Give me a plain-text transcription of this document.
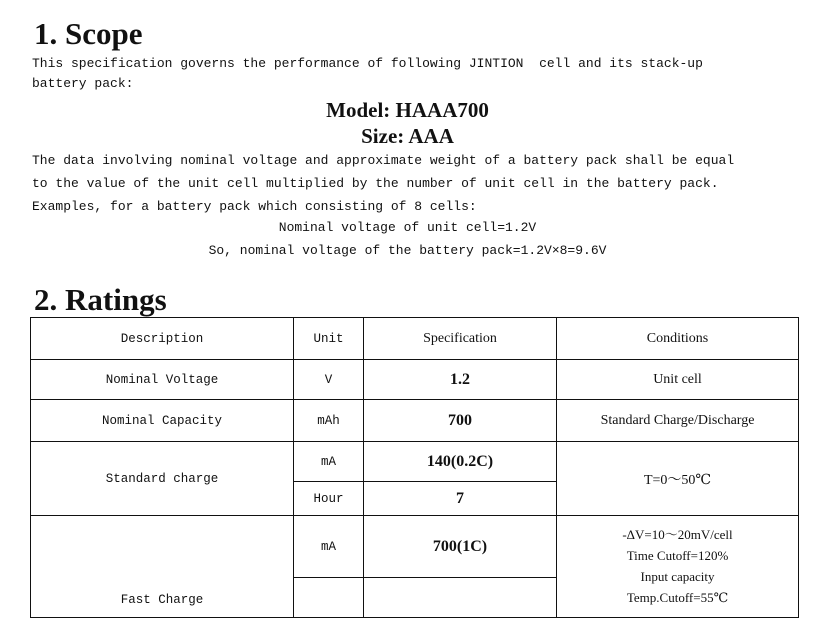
1. Scope
This specification governs the performance of following JINTION  cell and its stack-up
battery pack:
Model: HAAA700
Size: AAA
The data involving nominal voltage and approximate weight of a battery pack shall be equal
to the value of the unit cell multiplied by the number of unit cell in the battery pack.
Examples, for a battery pack which consisting of 8 cells:
Nominal voltage of unit cell=1.2V
So, nominal voltage of the battery pack=1.2V×8=9.6V
2. Ratings
Description	Unit	Specification	Conditions
Nominal Voltage	V	1.2	Unit cell
Nominal Capacity	mAh	700	Standard Charge/Discharge
Standard charge	mA	140(0.2C)	T=0～50℃
	Hour	7	
Fast Charge	mA	700(1C)	-ΔV=10～20mV/cell
Time Cutoff=120%
Input capacity
Temp.Cutoff=55℃
